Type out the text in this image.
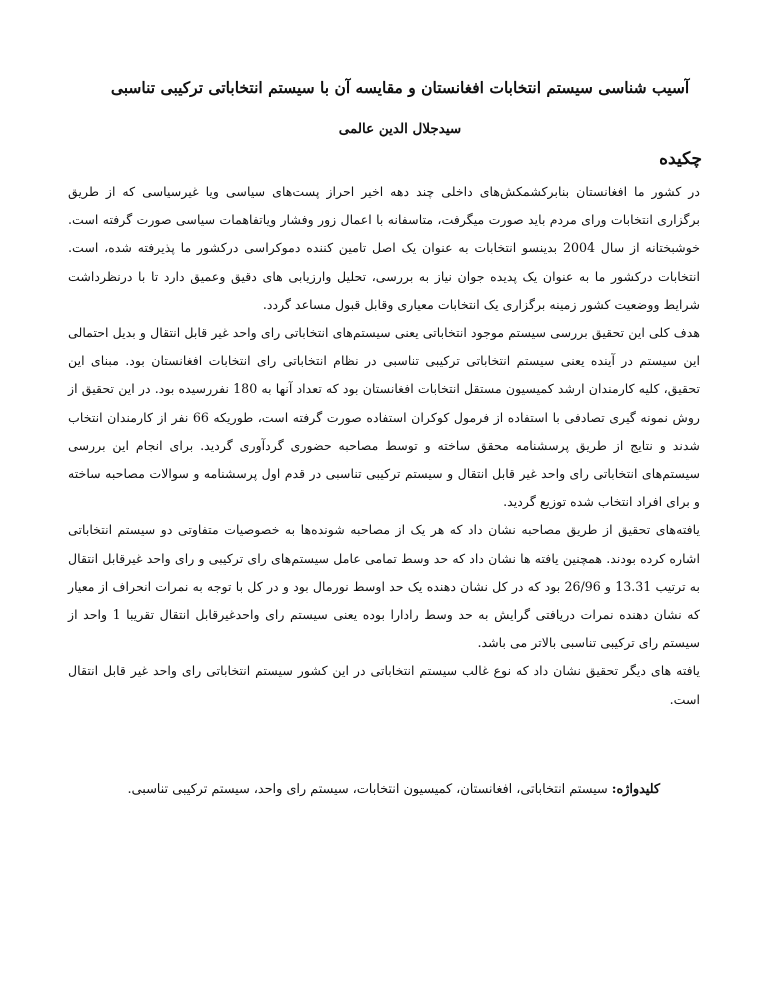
آسیب شناسی سیستم انتخابات افغانستان و مقایسه آن با سیستم انتخاباتی ترکیبی تناسبی
سیدجلال الدین عالمی
چکیده

در کشور ما افغانستان بنابرکشمکش‌های داخلی چند دهه اخیر احراز پست‌های سیاسی ویا غیرسیاسی که از طریق برگزاری انتخابات ورای مردم باید صورت میگرفت، متاسفانه با اعمال زور وفشار ویاتفاهمات سیاسی صورت گرفته است. خوشبختانه از سال 2004 بدینسو انتخابات به عنوان یک اصل تامین کننده دموکراسی درکشور ما پذیرفته شده، است. انتخابات درکشور ما به عنوان یک پدیده جوان نیاز به بررسی، تحلیل وارزیابی های دقیق وعمیق دارد تا با درنظرداشت شرایط ووضعیت کشور زمینه برگزاری یک انتخابات معیاری وقابل قبول مساعد گردد.

هدف کلی این تحقیق بررسی سیستم موجود انتخاباتی یعنی سیستم‌های انتخاباتی رای واحد غیر قابل انتقال و بدیل احتمالی این سیستم در آینده یعنی سیستم انتخاباتی ترکیبی تناسبی در نظام انتخاباتی رای انتخابات افغانستان بود. مبنای این تحقیق، کلیه کارمندان ارشد کمیسیون مستقل انتخابات افغانستان بود که تعداد آنها به 180 نفررسیده بود. در این تحقیق از روش نمونه گیری تصادفی با استفاده از فرمول کوکران استفاده صورت گرفته است، طوریکه 66 نفر از کارمندان انتخاب شدند و نتایج از طریق پرسشنامه محقق ساخته و توسط مصاحبه حضوری گردآوری گردید. برای انجام این بررسی سیستم‌های انتخاباتی رای واحد غیر قابل انتقال و سیستم ترکیبی تناسبی در قدم اول پرسشنامه و سوالات مصاحبه ساخته و برای افراد انتخاب شده توزیع گردید.

یافته‌های تحقیق از طریق مصاحبه نشان داد که هر یک از مصاحبه شونده‌ها به خصوصیات متفاوتی دو سیستم انتخاباتی اشاره کرده بودند. همچنین یافته ها نشان داد که حد وسط تمامی عامل سیستم‌های رای ترکیبی و رای واحد غیرقابل انتقال به ترتیب 13.31 و 26/96 بود که در کل نشان دهنده یک حد اوسط نورمال بود و در کل با توجه به نمرات انحراف از معیار که نشان دهنده نمرات دریافتی گرایش به حد وسط رادارا بوده یعنی سیستم رای واحدغیرقابل انتقال تقریبا 1 واحد از سیستم رای ترکیبی تناسبی بالاتر می باشد.

یافته های دیگر تحقیق نشان داد که نوع غالب سیستم انتخاباتی در این کشور سیستم انتخاباتی رای واحد غیر قابل انتقال است.

کلیدواژه: سیستم انتخاباتی، افغانستان، کمیسیون انتخابات، سیستم رای واحد، سیستم ترکیبی تناسبی.
